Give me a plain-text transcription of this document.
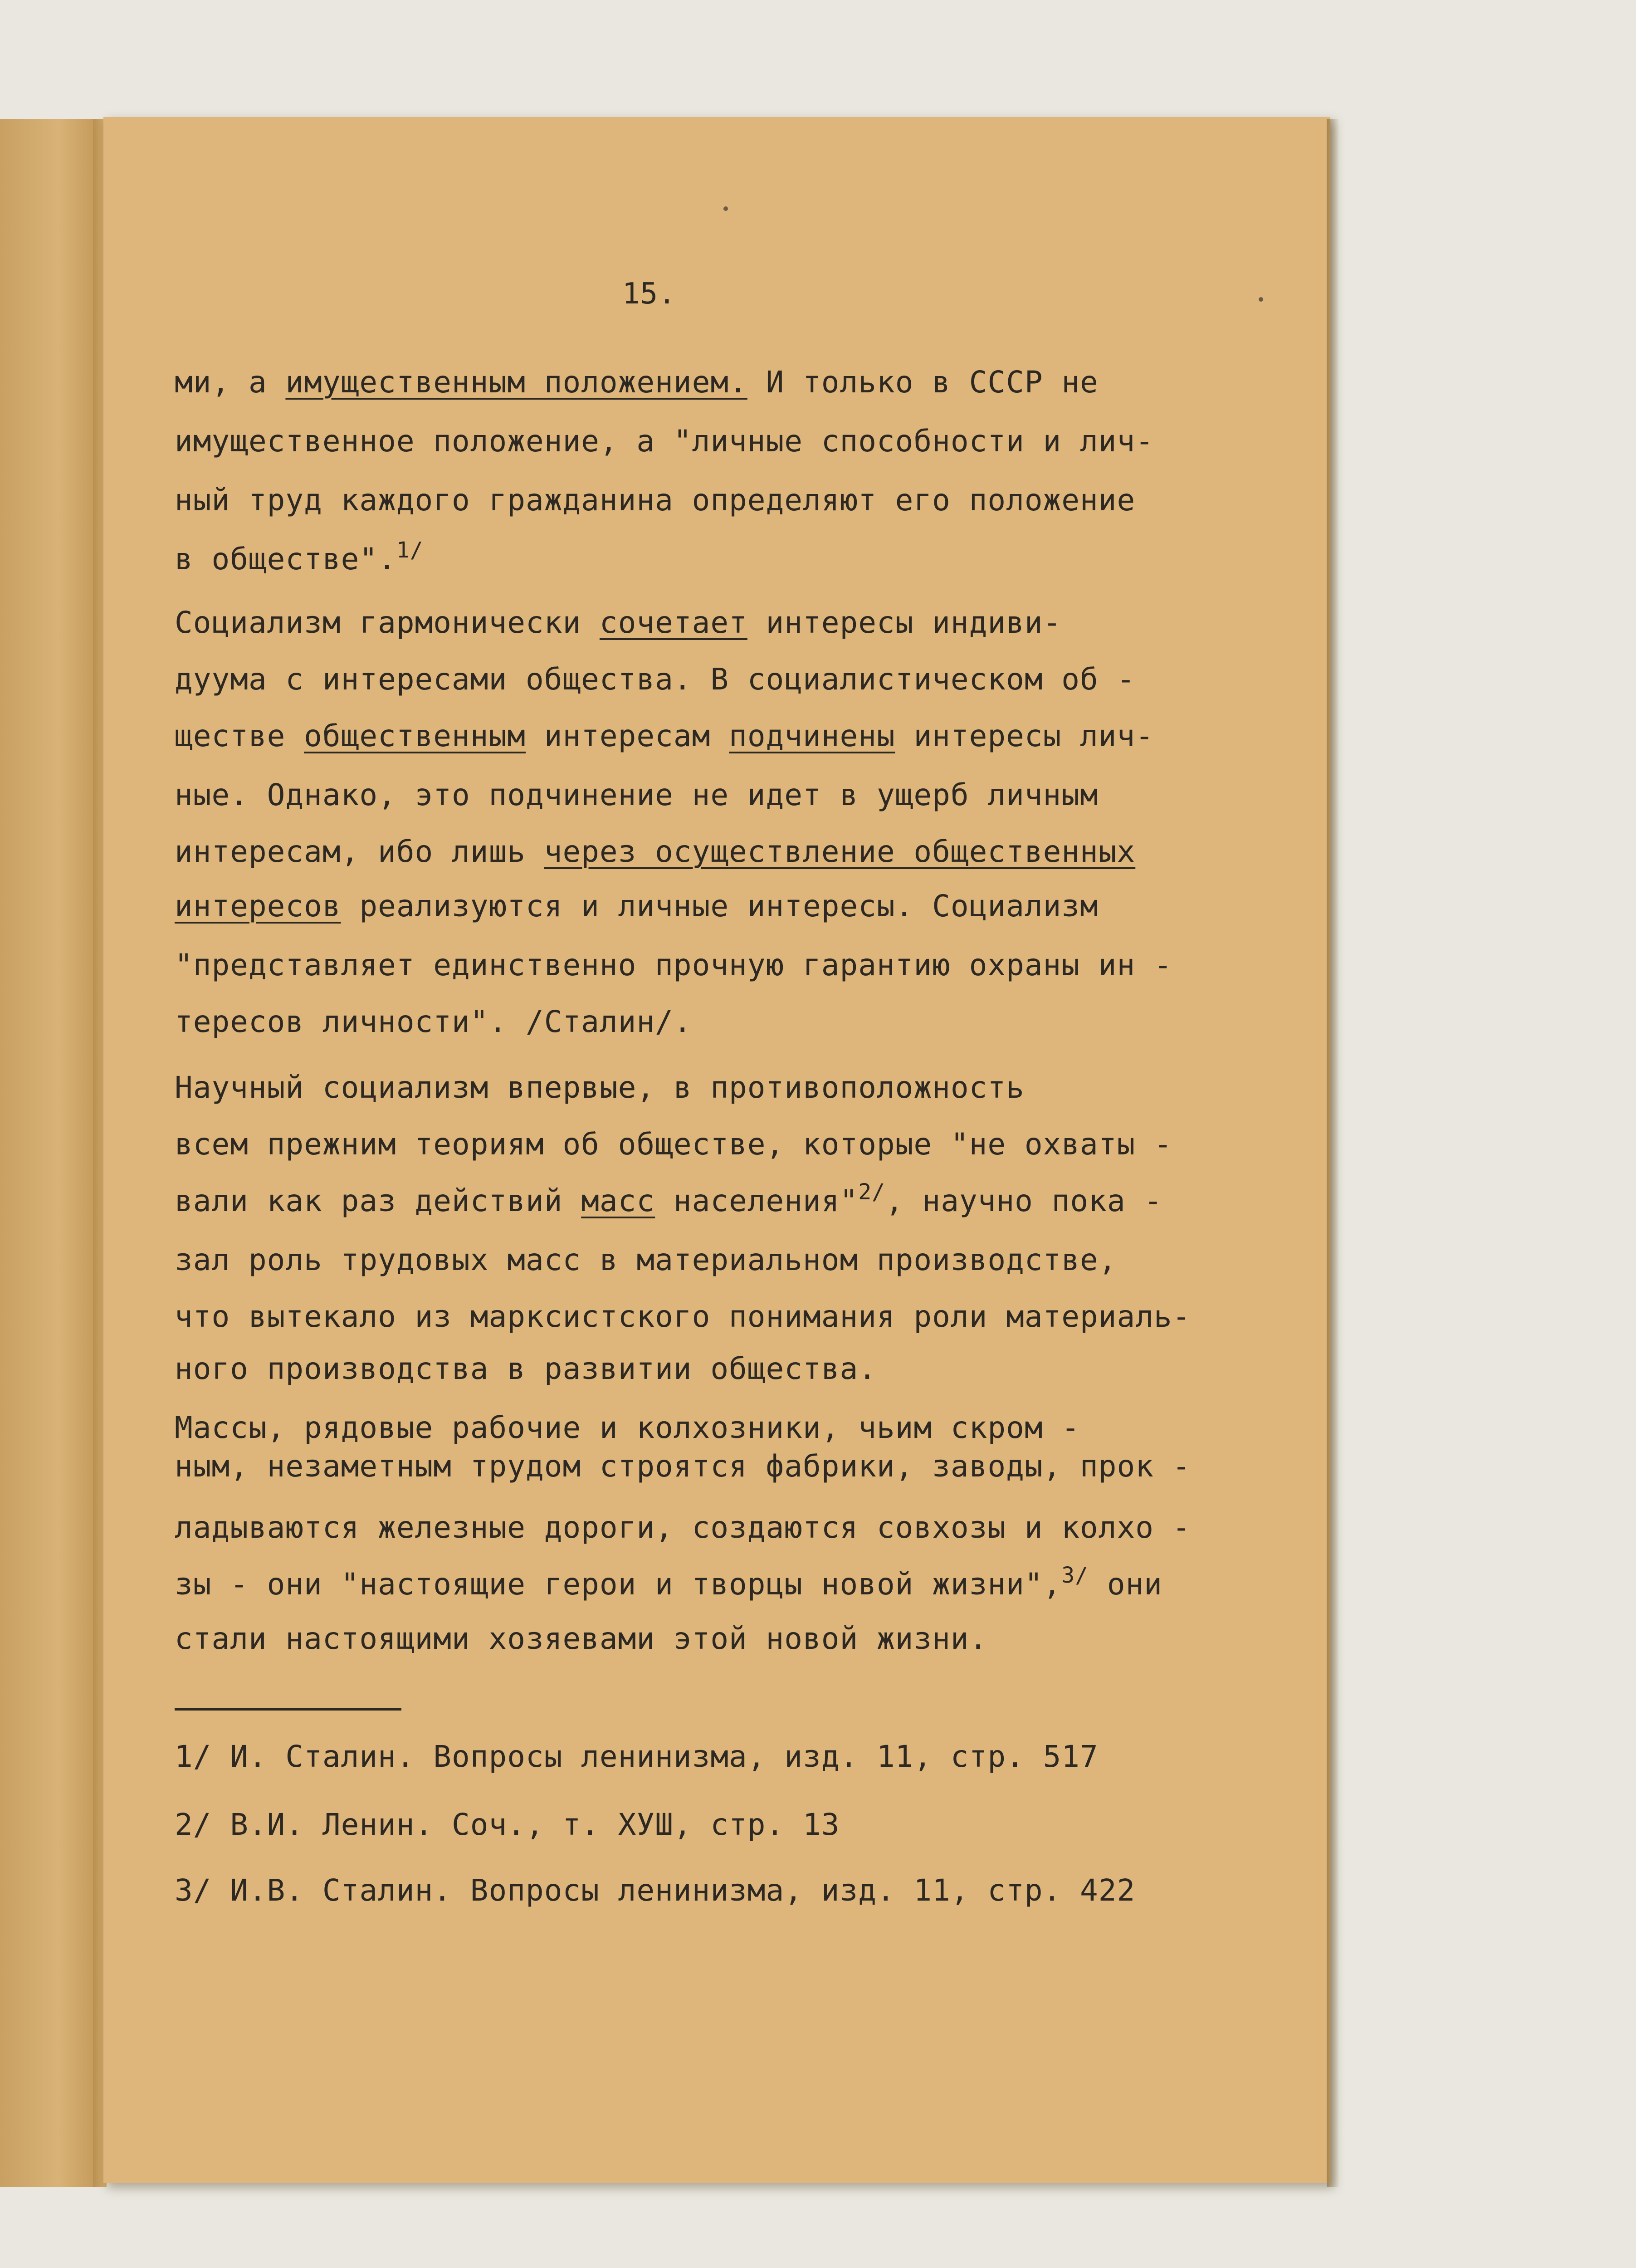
15.
ми, а имущественным положением. И только в СССР не
имущественное положение, а "личные способности и лич-
ный труд каждого гражданина определяют его положение
в обществе".$^{1/}$
Социализм гармонически сочетает интересы индиви-
дуума с интересами общества. В социалистическом об -
ществе общественным интересам подчинены интересы лич-
ные. Однако, это подчинение не идет в ущерб личным
интересам, ибо лишь через осуществление общественных
интересов реализуются и личные интересы. Социализм
"представляет единственно прочную гарантию охраны ин -
тересов личности". /Сталин/.
Научный социализм впервые, в противоположность
всем прежним теориям об обществе, которые "не охваты -
вали как раз действий масс населения"$^{2/}$, научно пока -
зал роль трудовых масс в материальном производстве,
что вытекало из марксистского понимания роли материаль-
ного производства в развитии общества.
Массы, рядовые рабочие и колхозники, чьим скром -
ным, незаметным трудом строятся фабрики, заводы, прок -
ладываются железные дороги, создаются совхозы и колхо -
зы - они "настоящие герои и творцы новой жизни",$^{3/}$ они
стали настоящими хозяевами этой новой жизни.
1/ И. Сталин. Вопросы ленинизма, изд. 11, стр. 517
2/ В.И. Ленин. Соч., т. ХУШ, стр. 13
3/ И.В. Сталин. Вопросы ленинизма, изд. 11, стр. 422
